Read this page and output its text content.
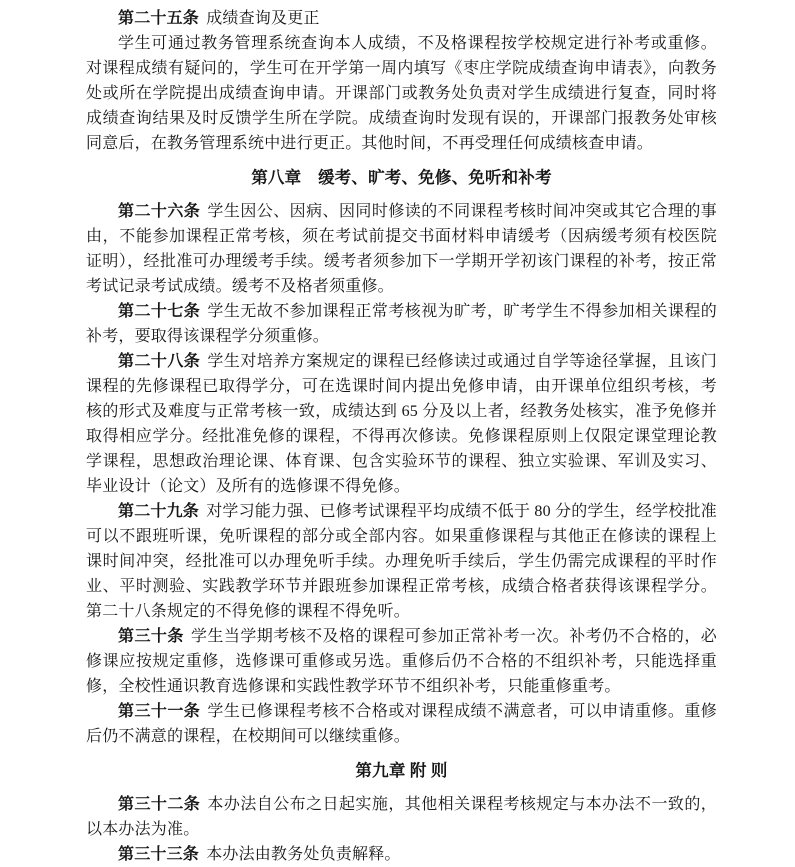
第二十五条 成绩查询及更正

学生可通过教务管理系统查询本人成绩，不及格课程按学校规定进行补考或重修。对课程成绩有疑问的，学生可在开学第一周内填写《枣庄学院成绩查询申请表》，向教务处或所在学院提出成绩查询申请。开课部门或教务处负责对学生成绩进行复查，同时将成绩查询结果及时反馈学生所在学院。成绩查询时发现有误的，开课部门报教务处审核同意后，在教务管理系统中进行更正。其他时间，不再受理任何成绩核查申请。

第八章　缓考、旷考、免修、免听和补考

第二十六条 学生因公、因病、因同时修读的不同课程考核时间冲突或其它合理的事由，不能参加课程正常考核，须在考试前提交书面材料申请缓考（因病缓考须有校医院证明），经批准可办理缓考手续。缓考者须参加下一学期开学初该门课程的补考，按正常考试记录考试成绩。缓考不及格者须重修。

第二十七条 学生无故不参加课程正常考核视为旷考，旷考学生不得参加相关课程的补考，要取得该课程学分须重修。

第二十八条 学生对培养方案规定的课程已经修读过或通过自学等途径掌握，且该门课程的先修课程已取得学分，可在选课时间内提出免修申请，由开课单位组织考核，考核的形式及难度与正常考核一致，成绩达到 65 分及以上者，经教务处核实，准予免修并取得相应学分。经批准免修的课程，不得再次修读。免修课程原则上仅限定课堂理论教学课程，思想政治理论课、体育课、包含实验环节的课程、独立实验课、军训及实习、毕业设计（论文）及所有的选修课不得免修。

第二十九条 对学习能力强、已修考试课程平均成绩不低于 80 分的学生，经学校批准可以不跟班听课，免听课程的部分或全部内容。如果重修课程与其他正在修读的课程上课时间冲突，经批准可以办理免听手续。办理免听手续后，学生仍需完成课程的平时作业、平时测验、实践教学环节并跟班参加课程正常考核，成绩合格者获得该课程学分。第二十八条规定的不得免修的课程不得免听。

第三十条 学生当学期考核不及格的课程可参加正常补考一次。补考仍不合格的，必修课应按规定重修，选修课可重修或另选。重修后仍不合格的不组织补考，只能选择重修，全校性通识教育选修课和实践性教学环节不组织补考，只能重修重考。

第三十一条 学生已修课程考核不合格或对课程成绩不满意者，可以申请重修。重修后仍不满意的课程，在校期间可以继续重修。

第九章 附 则

第三十二条 本办法自公布之日起实施，其他相关课程考核规定与本办法不一致的，以本办法为准。

第三十三条 本办法由教务处负责解释。
